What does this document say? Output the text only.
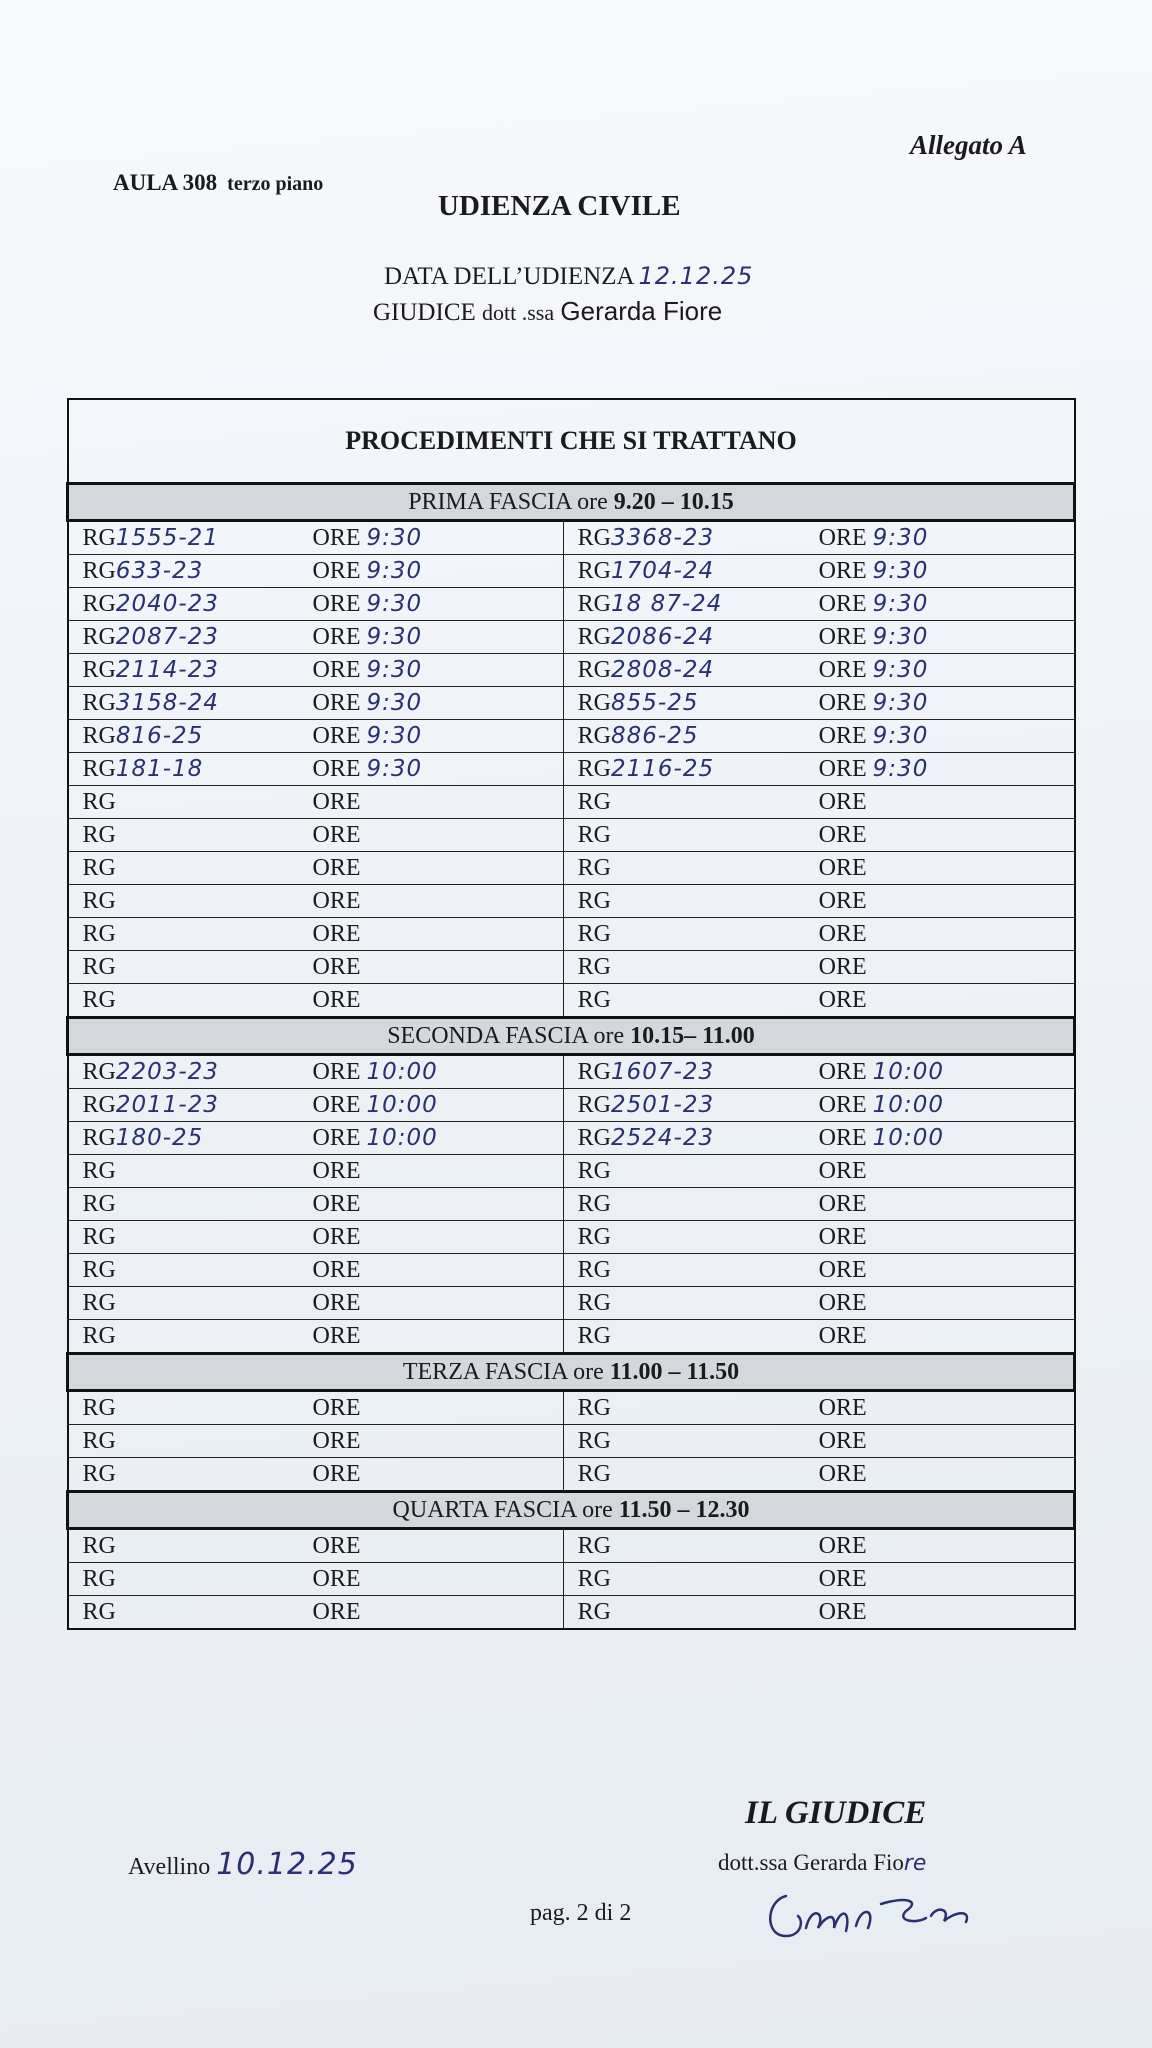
Allegato A
AULA 308 terzo piano
UDIENZA CIVILE
DATA DELL’UDIENZA 12.12.25
GIUDICE dott .ssa Gerarda Fiore
PROCEDIMENTI CHE SI TRATTANO	
PRIMA FASCIA ore 9.20 – 10.15	
RG1555-21 ORE 9:30	RG3368-23 ORE 9:30
RG633-23 ORE 9:30	RG1704-24 ORE 9:30
RG2040-23 ORE 9:30	RG18 87-24 ORE 9:30
RG2087-23 ORE 9:30	RG2086-24 ORE 9:30
RG2114-23 ORE 9:30	RG2808-24 ORE 9:30
RG3158-24 ORE 9:30	RG855-25 ORE 9:30
RG816-25 ORE 9:30	RG886-25 ORE 9:30
RG181-18 ORE 9:30	RG2116-25 ORE 9:30
RG ORE	RG ORE
RG ORE	RG ORE
RG ORE	RG ORE
RG ORE	RG ORE
RG ORE	RG ORE
RG ORE	RG ORE
RG ORE	RG ORE
SECONDA FASCIA ore 10.15– 11.00	
RG2203-23 ORE 10:00	RG1607-23 ORE 10:00
RG2011-23 ORE 10:00	RG2501-23 ORE 10:00
RG180-25 ORE 10:00	RG2524-23 ORE 10:00
RG ORE	RG ORE
RG ORE	RG ORE
RG ORE	RG ORE
RG ORE	RG ORE
RG ORE	RG ORE
RG ORE	RG ORE
TERZA FASCIA ore 11.00 – 11.50	
RG ORE	RG ORE
RG ORE	RG ORE
RG ORE	RG ORE
QUARTA FASCIA ore 11.50 – 12.30	
RG ORE	RG ORE
RG ORE	RG ORE
RG ORE	RG ORE
Avellino 10.12.25
pag. 2 di 2
IL GIUDICE
dott.ssa Gerarda Fiore
